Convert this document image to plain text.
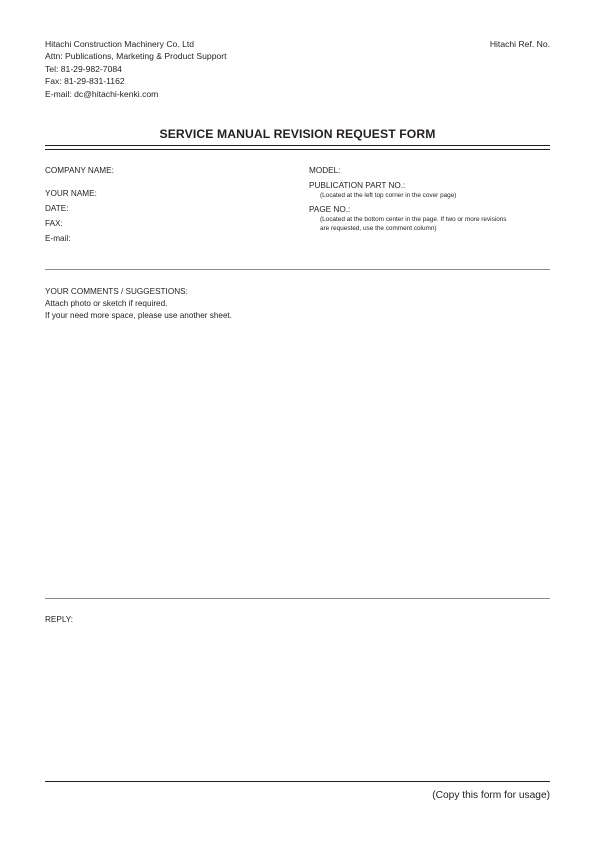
Hitachi Construction Machinery Co. Ltd
Attn: Publications, Marketing & Product Support
Tel: 81-29-982-7084
Fax: 81-29-831-1162
E-mail: dc@hitachi-kenki.com
Hitachi Ref. No.
SERVICE MANUAL REVISION REQUEST FORM
COMPANY NAME:
YOUR NAME:
DATE:
FAX:
E-mail:
MODEL:
PUBLICATION PART NO.:
(Located at the left top corner in the cover page)
PAGE NO.:
(Located at the bottom center in the page. If two or more revisions
are requested, use the comment column)
YOUR COMMENTS / SUGGESTIONS:
Attach photo or sketch if required.
If your need more space, please use another sheet.
REPLY:
(Copy this form for usage)
